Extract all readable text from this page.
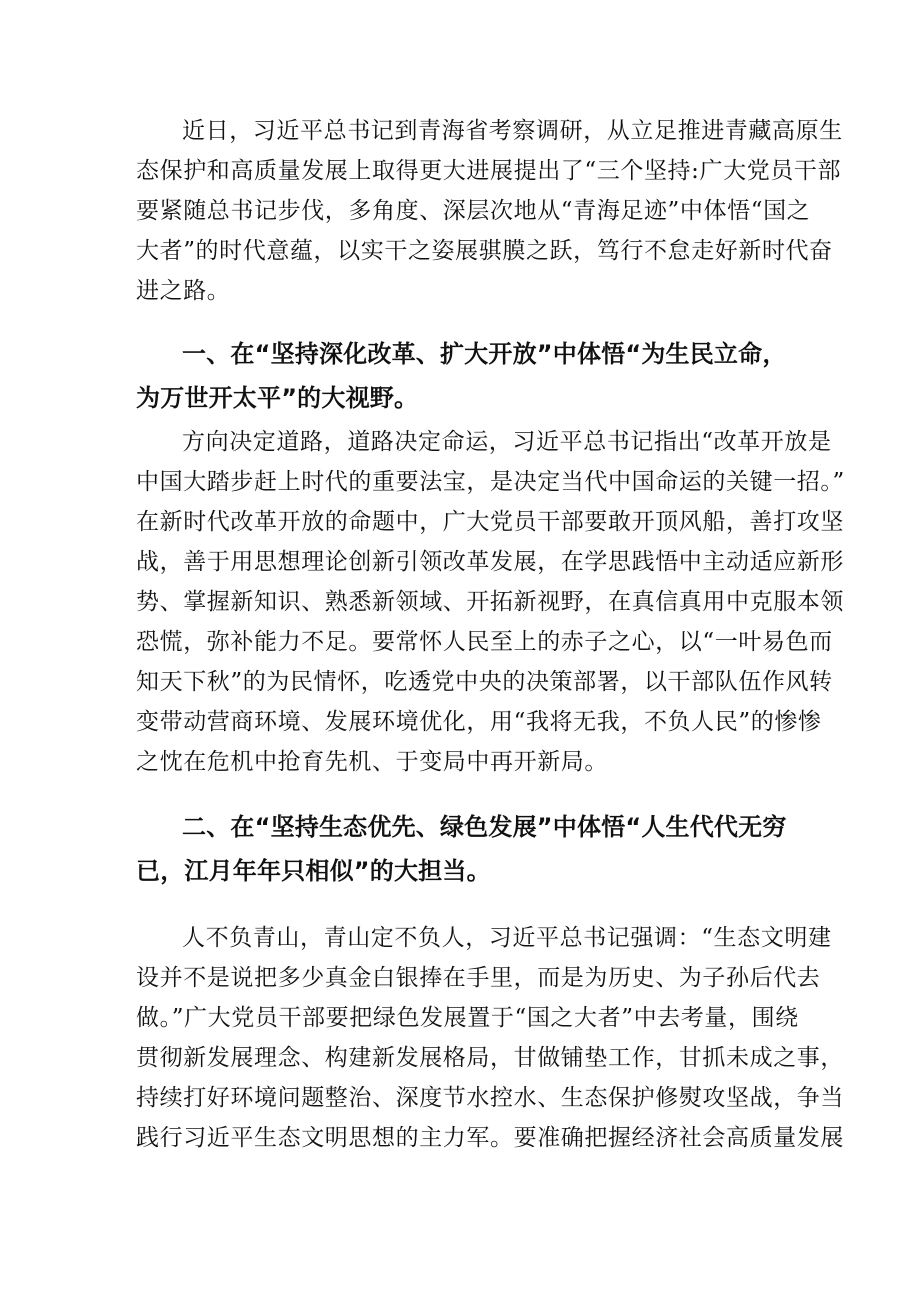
近日，习近平总书记到青海省考察调研，从立足推进青藏高原生
态保护和高质量发展上取得更大进展提出了“三个坚持:广大党员干部
要紧随总书记步伐，多角度、深层次地从“青海足迹”中体悟“国之
大者”的时代意蕴，以实干之姿展骐膜之跃，笃行不怠走好新时代奋
进之路。
一、在“坚持深化改革、扩大开放”中体悟“为生民立命，
为万世开太平”的大视野。
方向决定道路，道路决定命运，习近平总书记指出“改革开放是
中国大踏步赶上时代的重要法宝，是决定当代中国命运的关键一招。”
在新时代改革开放的命题中，广大党员干部要敢开顶风船，善打攻坚
战，善于用思想理论创新引领改革发展，在学思践悟中主动适应新形
势、掌握新知识、熟悉新领域、开拓新视野，在真信真用中克服本领
恐慌，弥补能力不足。要常怀人民至上的赤子之心，以“一叶易色而
知天下秋”的为民情怀，吃透党中央的决策部署，以干部队伍作风转
变带动营商环境、发展环境优化，用“我将无我，不负人民”的惨惨
之忱在危机中抢育先机、于变局中再开新局。
二、在“坚持生态优先、绿色发展”中体悟“人生代代无穷
已，江月年年只相似”的大担当。
人不负青山，青山定不负人，习近平总书记强调：“生态文明建
设并不是说把多少真金白银捧在手里，而是为历史、为子孙后代去
做。”广大党员干部要把绿色发展置于“国之大者”中去考量，围绕
贯彻新发展理念、构建新发展格局，甘做铺垫工作，甘抓未成之事，
持续打好环境问题整治、深度节水控水、生态保护修熨攻坚战，争当
践行习近平生态文明思想的主力军。要准确把握经济社会高质量发展
